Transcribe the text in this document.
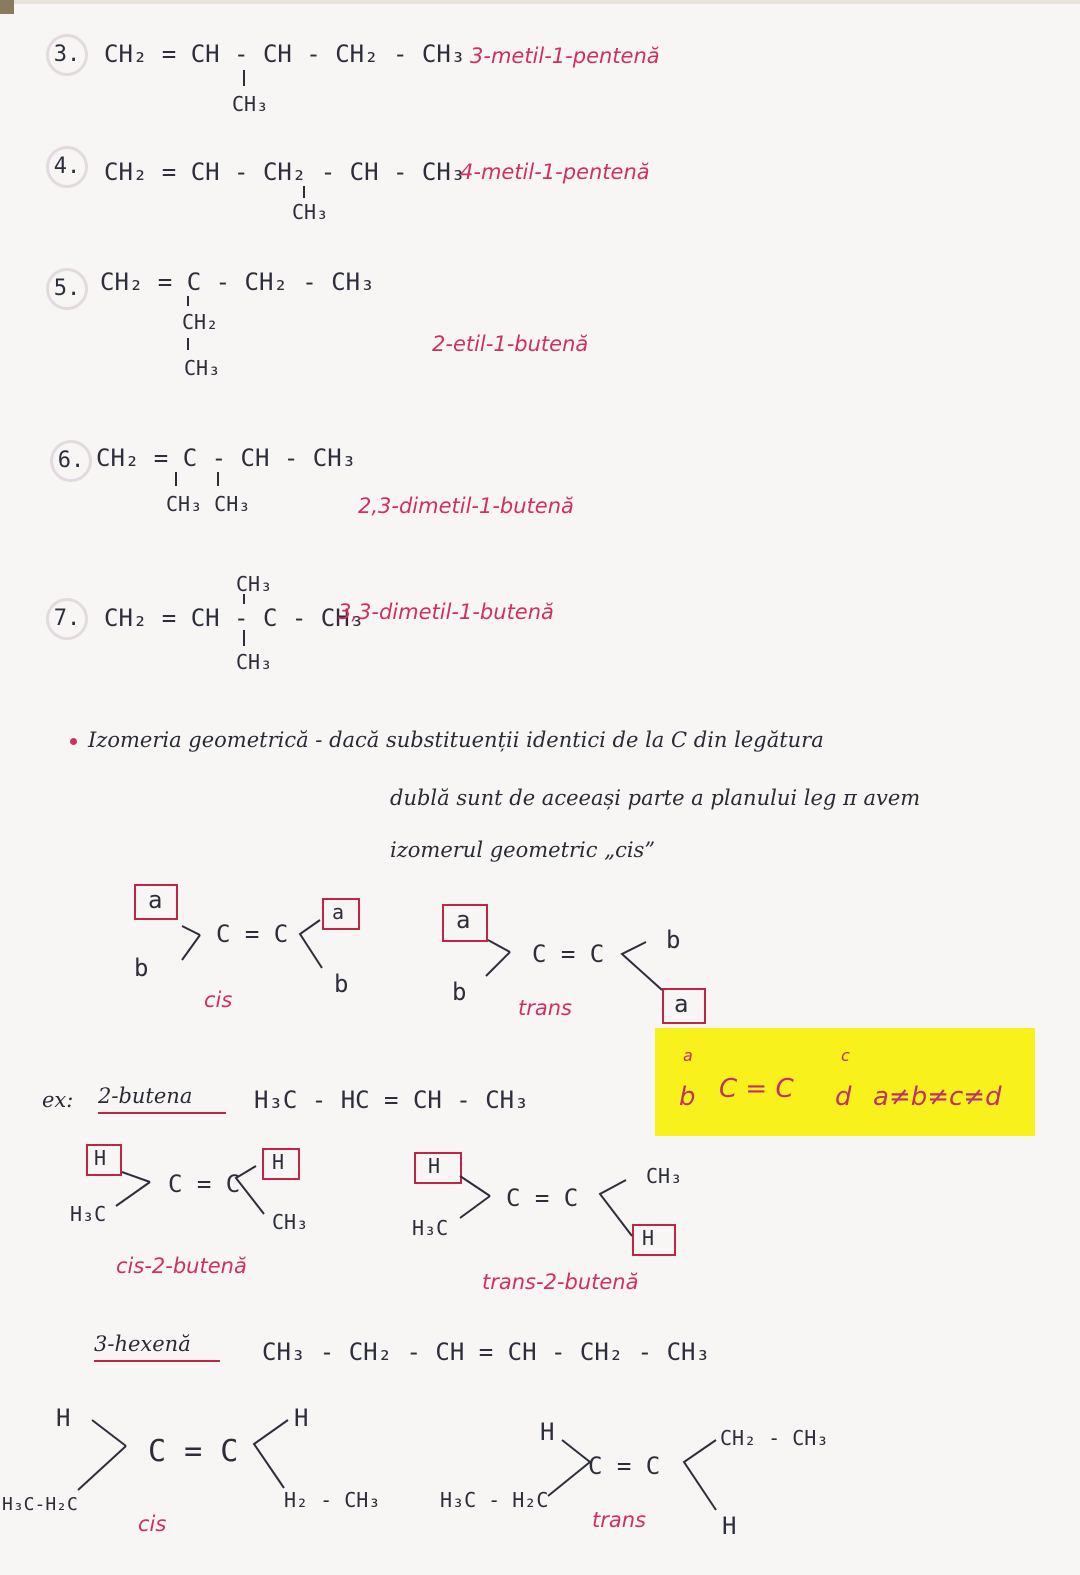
3. CH₂ = CH - CH - CH₂ - CH₃
CH₃
3-metil-1-pentenă
4. CH₂ = CH - CH₂ - CH - CH₃
CH₃
4-metil-1-pentenă
5. CH₂ = C - CH₂ - CH₃
CH₂
CH₃
2-etil-1-butenă
6. CH₂ = C - CH - CH₃
CH₃ CH₃	2,3-dimetil-1-butenă
7.
CH₃
CH₂ = CH - C - CH₃
CH₃
3,3-dimetil-1-butenă
Izomeria geometrică - dacă substituenții identici de la C din legătura
dublă sunt de aceeași parte a planului leg π avem
izomerul geometric „cis”
a
b
C = C
a
b
cis
a
b
C = C	b
a
trans
a
b C = C
c
d a≠b≠c≠d
ex: 2-butena	H₃C - HC = CH - CH₃
H
H₃C
C = C
H
CH₃
cis-2-butenă
H
H₃C
C = C
CH₃
H
trans-2-butenă
3-hexenă	CH₃ - CH₂ - CH = CH - CH₂ - CH₃
H
H₃C-H₂C
C = C
H
H₂ - CH₃
cis
H
H₃C - H₂C
C = C
CH₂ - CH₃
H
trans
